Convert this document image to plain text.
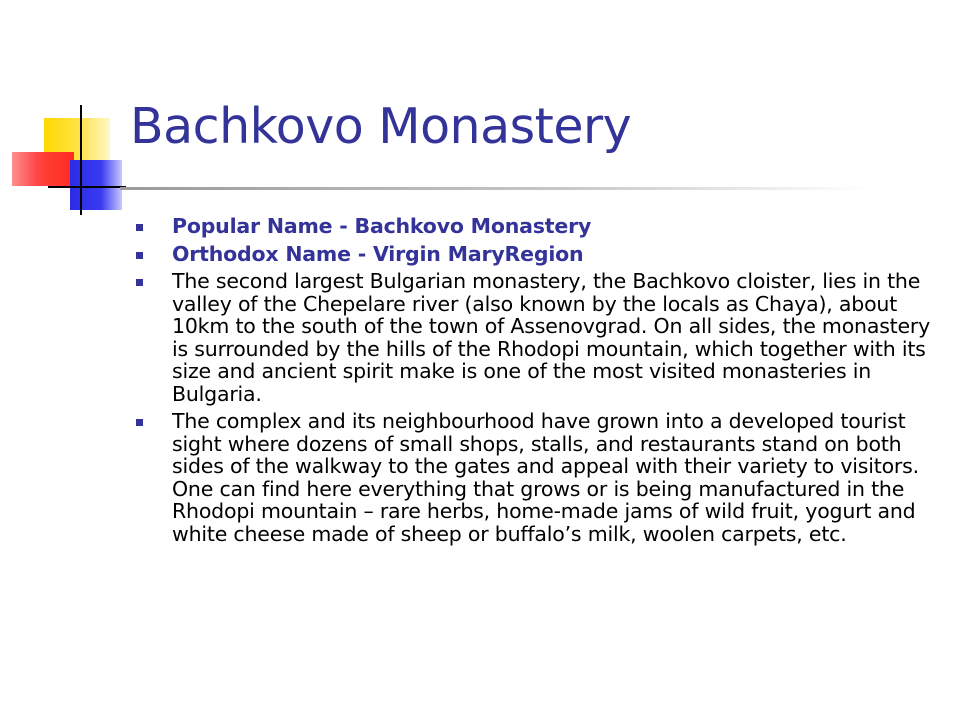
Bachkovo Monastery
Popular Name - Bachkovo Monastery
Orthodox Name - Virgin MaryRegion
The second largest Bulgarian monastery, the Bachkovo cloister, lies in the valley of the Chepelare river (also known by the locals as Chaya), about 10km to the south of the town of Assenovgrad. On all sides, the monastery is surrounded by the hills of the Rhodopi mountain, which together with its size and ancient spirit make is one of the most visited monasteries in Bulgaria.
The complex and its neighbourhood have grown into a developed tourist sight where dozens of small shops, stalls, and restaurants stand on both sides of the walkway to the gates and appeal with their variety to visitors. One can find here everything that grows or is being manufactured in the Rhodopi mountain – rare herbs, home-made jams of wild fruit, yogurt and white cheese made of sheep or buffalo’s milk, woolen carpets, etc.
